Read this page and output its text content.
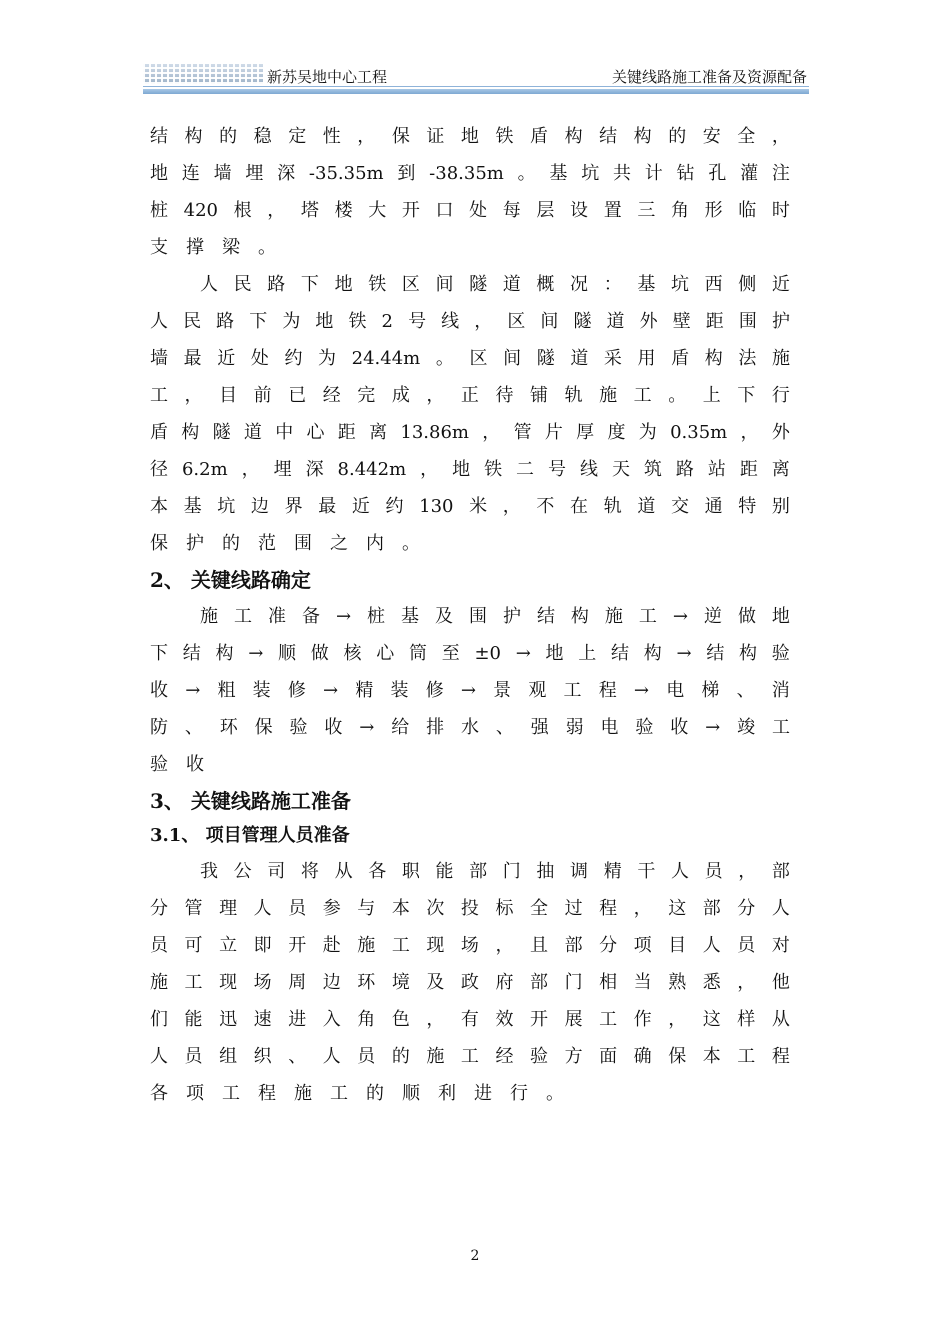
新苏吴地中心工程	关键线路施工准备及资源配备
结 构 的 稳 定 性 ， 保 证 地 铁 盾 构 结 构 的 安 全 ，
地 连 墙 埋 深 -35.35m 到 -38.35m 。 基 坑 共 计 钻 孔 灌 注
桩 420 根 ， 塔 楼 大 开 口 处 每 层 设 置 三 角 形 临 时
支 撑 梁 。
人 民 路 下 地 铁 区 间 隧 道 概 况 ： 基 坑 西 侧 近
人 民 路 下 为 地 铁 2 号 线 ， 区 间 隧 道 外 壁 距 围 护
墙 最 近 处 约 为 24.44m 。 区 间 隧 道 采 用 盾 构 法 施
工 ， 目 前 已 经 完 成 ， 正 待 铺 轨 施 工 。 上 下 行
盾 构 隧 道 中 心 距 离 13.86m ， 管 片 厚 度 为 0.35m ， 外
径 6.2m ， 埋 深 8.442m ， 地 铁 二 号 线 天 筑 路 站 距 离
本 基 坑 边 界 最 近 约 130 米 ， 不 在 轨 道 交 通 特 别
保 护 的 范 围 之 内 。
2、 关键线路确定
施 工 准 备 → 桩 基 及 围 护 结 构 施 工 → 逆 做 地
下 结 构 → 顺 做 核 心 筒 至 ±0 → 地 上 结 构 → 结 构 验
收 → 粗 装 修 → 精 装 修 → 景 观 工 程 → 电 梯 、 消
防 、 环 保 验 收 → 给 排 水 、 强 弱 电 验 收 → 竣 工
验 收
3、 关键线路施工准备
3.1、 项目管理人员准备
我 公 司 将 从 各 职 能 部 门 抽 调 精 干 人 员 ， 部
分 管 理 人 员 参 与 本 次 投 标 全 过 程 ， 这 部 分 人
员 可 立 即 开 赴 施 工 现 场 ， 且 部 分 项 目 人 员 对
施 工 现 场 周 边 环 境 及 政 府 部 门 相 当 熟 悉 ， 他
们 能 迅 速 进 入 角 色 ， 有 效 开 展 工 作 ， 这 样 从
人 员 组 织 、 人 员 的 施 工 经 验 方 面 确 保 本 工 程
各 项 工 程 施 工 的 顺 利 进 行 。
2
